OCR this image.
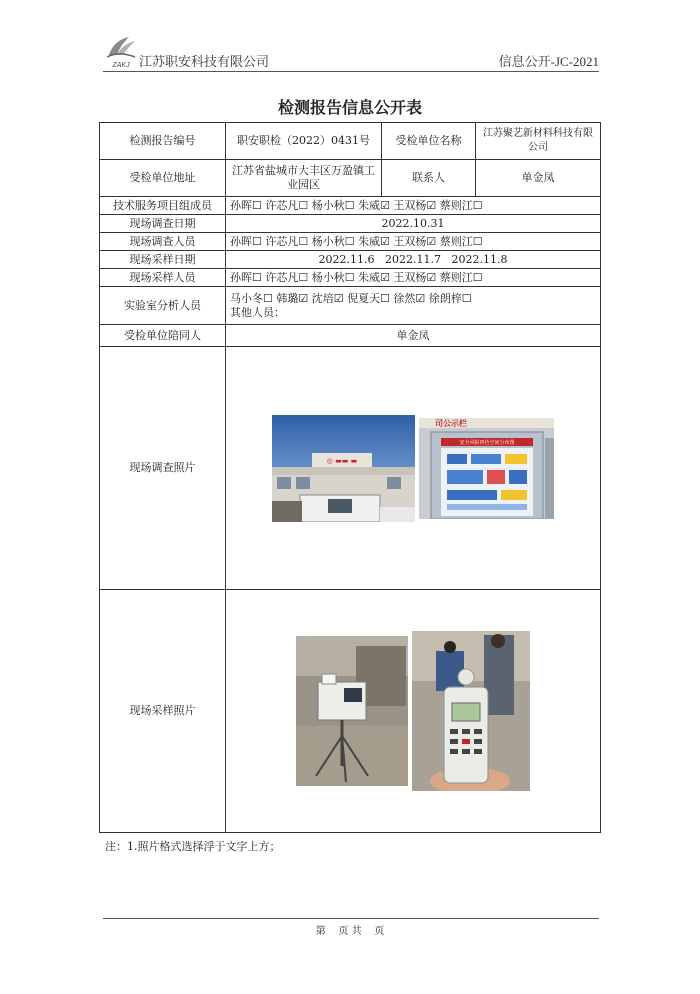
ZAKJ 江苏职安科技有限公司	信息公开-JC-2021
检测报告信息公开表
检测报告编号	职安职检（2022）0431号	受检单位名称	江苏聚艺新材料科技有限公司
受检单位地址	江苏省盐城市大丰区万盈镇工业园区	联系人	单金凤
技术服务项目组成员	孙晖☐ 许芯凡☐ 杨小秋☐ 朱威☑ 王双杨☑ 蔡则江☐		
现场调查日期	2022.10.31		
现场调查人员	孙晖☐ 许芯凡☐ 杨小秋☐ 朱威☑ 王双杨☑ 蔡则江☐		
现场采样日期	2022.11.6   2022.11.7   2022.11.8		
现场采样人员	孙晖☐ 许芯凡☐ 杨小秋☐ 朱威☑ 王双杨☑ 蔡则江☐		
实验室分析人员	马小冬☐ 韩璐☑ 沈培☑ 倪夏天☐ 徐然☑ 徐朗梓☐
其他人员：		

受检单位陪同人	单金凤		
现场调查照片	◎ ▬▬ ▬
司公示栏
安全风险四色空间分布图		

现场采样照片	
注：1.照片格式选择浮于文字上方；
第    页 共    页
